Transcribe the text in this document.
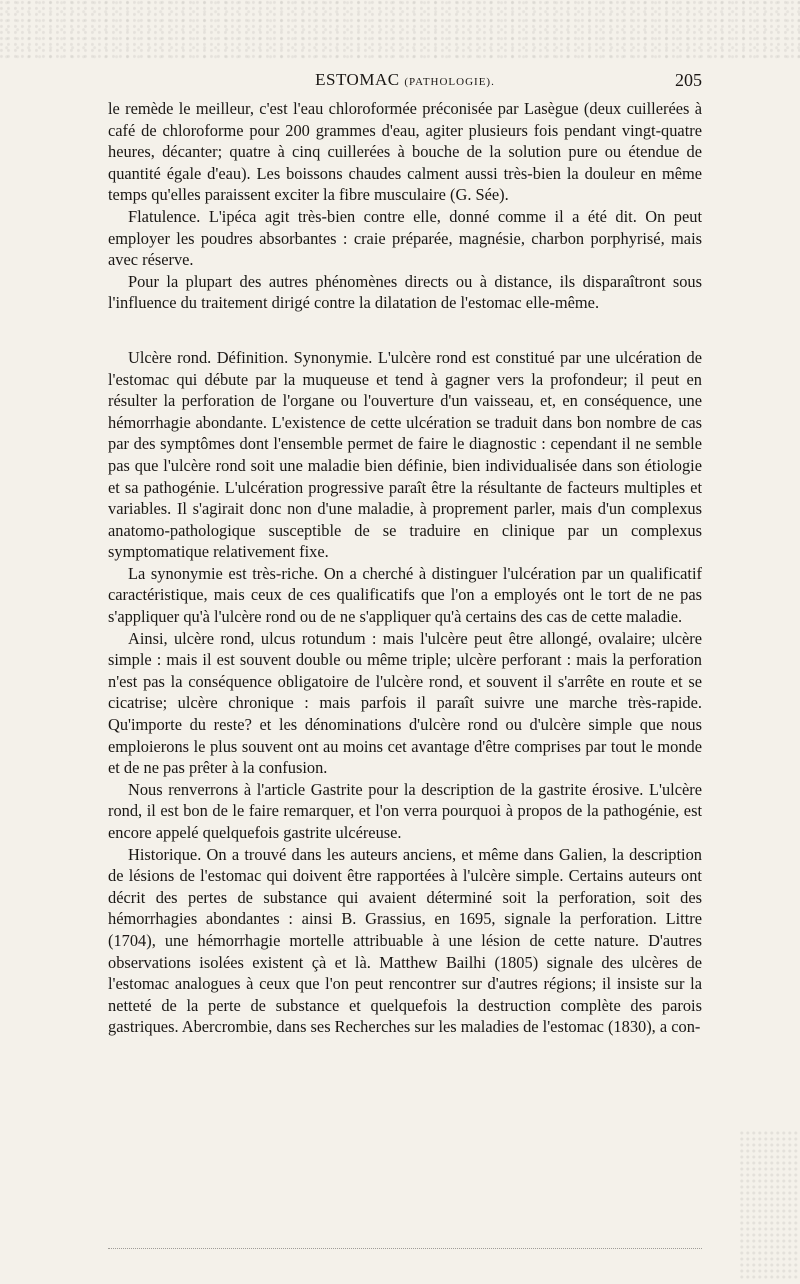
ESTOMAC (PATHOLOGIE).	205

le remède le meilleur, c'est l'eau chloroformée préconisée par Lasègue (deux cuillerées à café de chloroforme pour 200 grammes d'eau, agiter plusieurs fois pendant vingt-quatre heures, décanter; quatre à cinq cuillerées à bouche de la solution pure ou étendue de quantité égale d'eau). Les boissons chaudes calment aussi très-bien la douleur en même temps qu'elles paraissent exciter la fibre musculaire (G. Sée).

Flatulence. L'ipéca agit très-bien contre elle, donné comme il a été dit. On peut employer les poudres absorbantes : craie préparée, magnésie, charbon porphyrisé, mais avec réserve.

Pour la plupart des autres phénomènes directs ou à distance, ils disparaîtront sous l'influence du traitement dirigé contre la dilatation de l'estomac elle-même.

Ulcère rond. Définition. Synonymie. L'ulcère rond est constitué par une ulcération de l'estomac qui débute par la muqueuse et tend à gagner vers la profondeur; il peut en résulter la perforation de l'organe ou l'ouverture d'un vaisseau, et, en conséquence, une hémorrhagie abondante. L'existence de cette ulcération se traduit dans bon nombre de cas par des symptômes dont l'ensemble permet de faire le diagnostic : cependant il ne semble pas que l'ulcère rond soit une maladie bien définie, bien individualisée dans son étiologie et sa pathogénie. L'ulcération progressive paraît être la résultante de facteurs multiples et variables. Il s'agirait donc non d'une maladie, à proprement parler, mais d'un complexus anatomo-pathologique susceptible de se traduire en clinique par un complexus symptomatique relativement fixe.

La synonymie est très-riche. On a cherché à distinguer l'ulcération par un qualificatif caractéristique, mais ceux de ces qualificatifs que l'on a employés ont le tort de ne pas s'appliquer qu'à l'ulcère rond ou de ne s'appliquer qu'à certains des cas de cette maladie.

Ainsi, ulcère rond, ulcus rotundum : mais l'ulcère peut être allongé, ovalaire; ulcère simple : mais il est souvent double ou même triple; ulcère perforant : mais la perforation n'est pas la conséquence obligatoire de l'ulcère rond, et souvent il s'arrête en route et se cicatrise; ulcère chronique : mais parfois il paraît suivre une marche très-rapide. Qu'importe du reste? et les dénominations d'ulcère rond ou d'ulcère simple que nous emploierons le plus souvent ont au moins cet avantage d'être comprises par tout le monde et de ne pas prêter à la confusion.

Nous renverrons à l'article Gastrite pour la description de la gastrite érosive. L'ulcère rond, il est bon de le faire remarquer, et l'on verra pourquoi à propos de la pathogénie, est encore appelé quelquefois gastrite ulcéreuse.

Historique. On a trouvé dans les auteurs anciens, et même dans Galien, la description de lésions de l'estomac qui doivent être rapportées à l'ulcère simple. Certains auteurs ont décrit des pertes de substance qui avaient déterminé soit la perforation, soit des hémorrhagies abondantes : ainsi B. Grassius, en 1695, signale la perforation. Littre (1704), une hémorrhagie mortelle attribuable à une lésion de cette nature. D'autres observations isolées existent çà et là. Matthew Bailhi (1805) signale des ulcères de l'estomac analogues à ceux que l'on peut rencontrer sur d'autres régions; il insiste sur la netteté de la perte de substance et quelquefois la destruction complète des parois gastriques. Abercrombie, dans ses Recherches sur les maladies de l'estomac (1830), a con-
